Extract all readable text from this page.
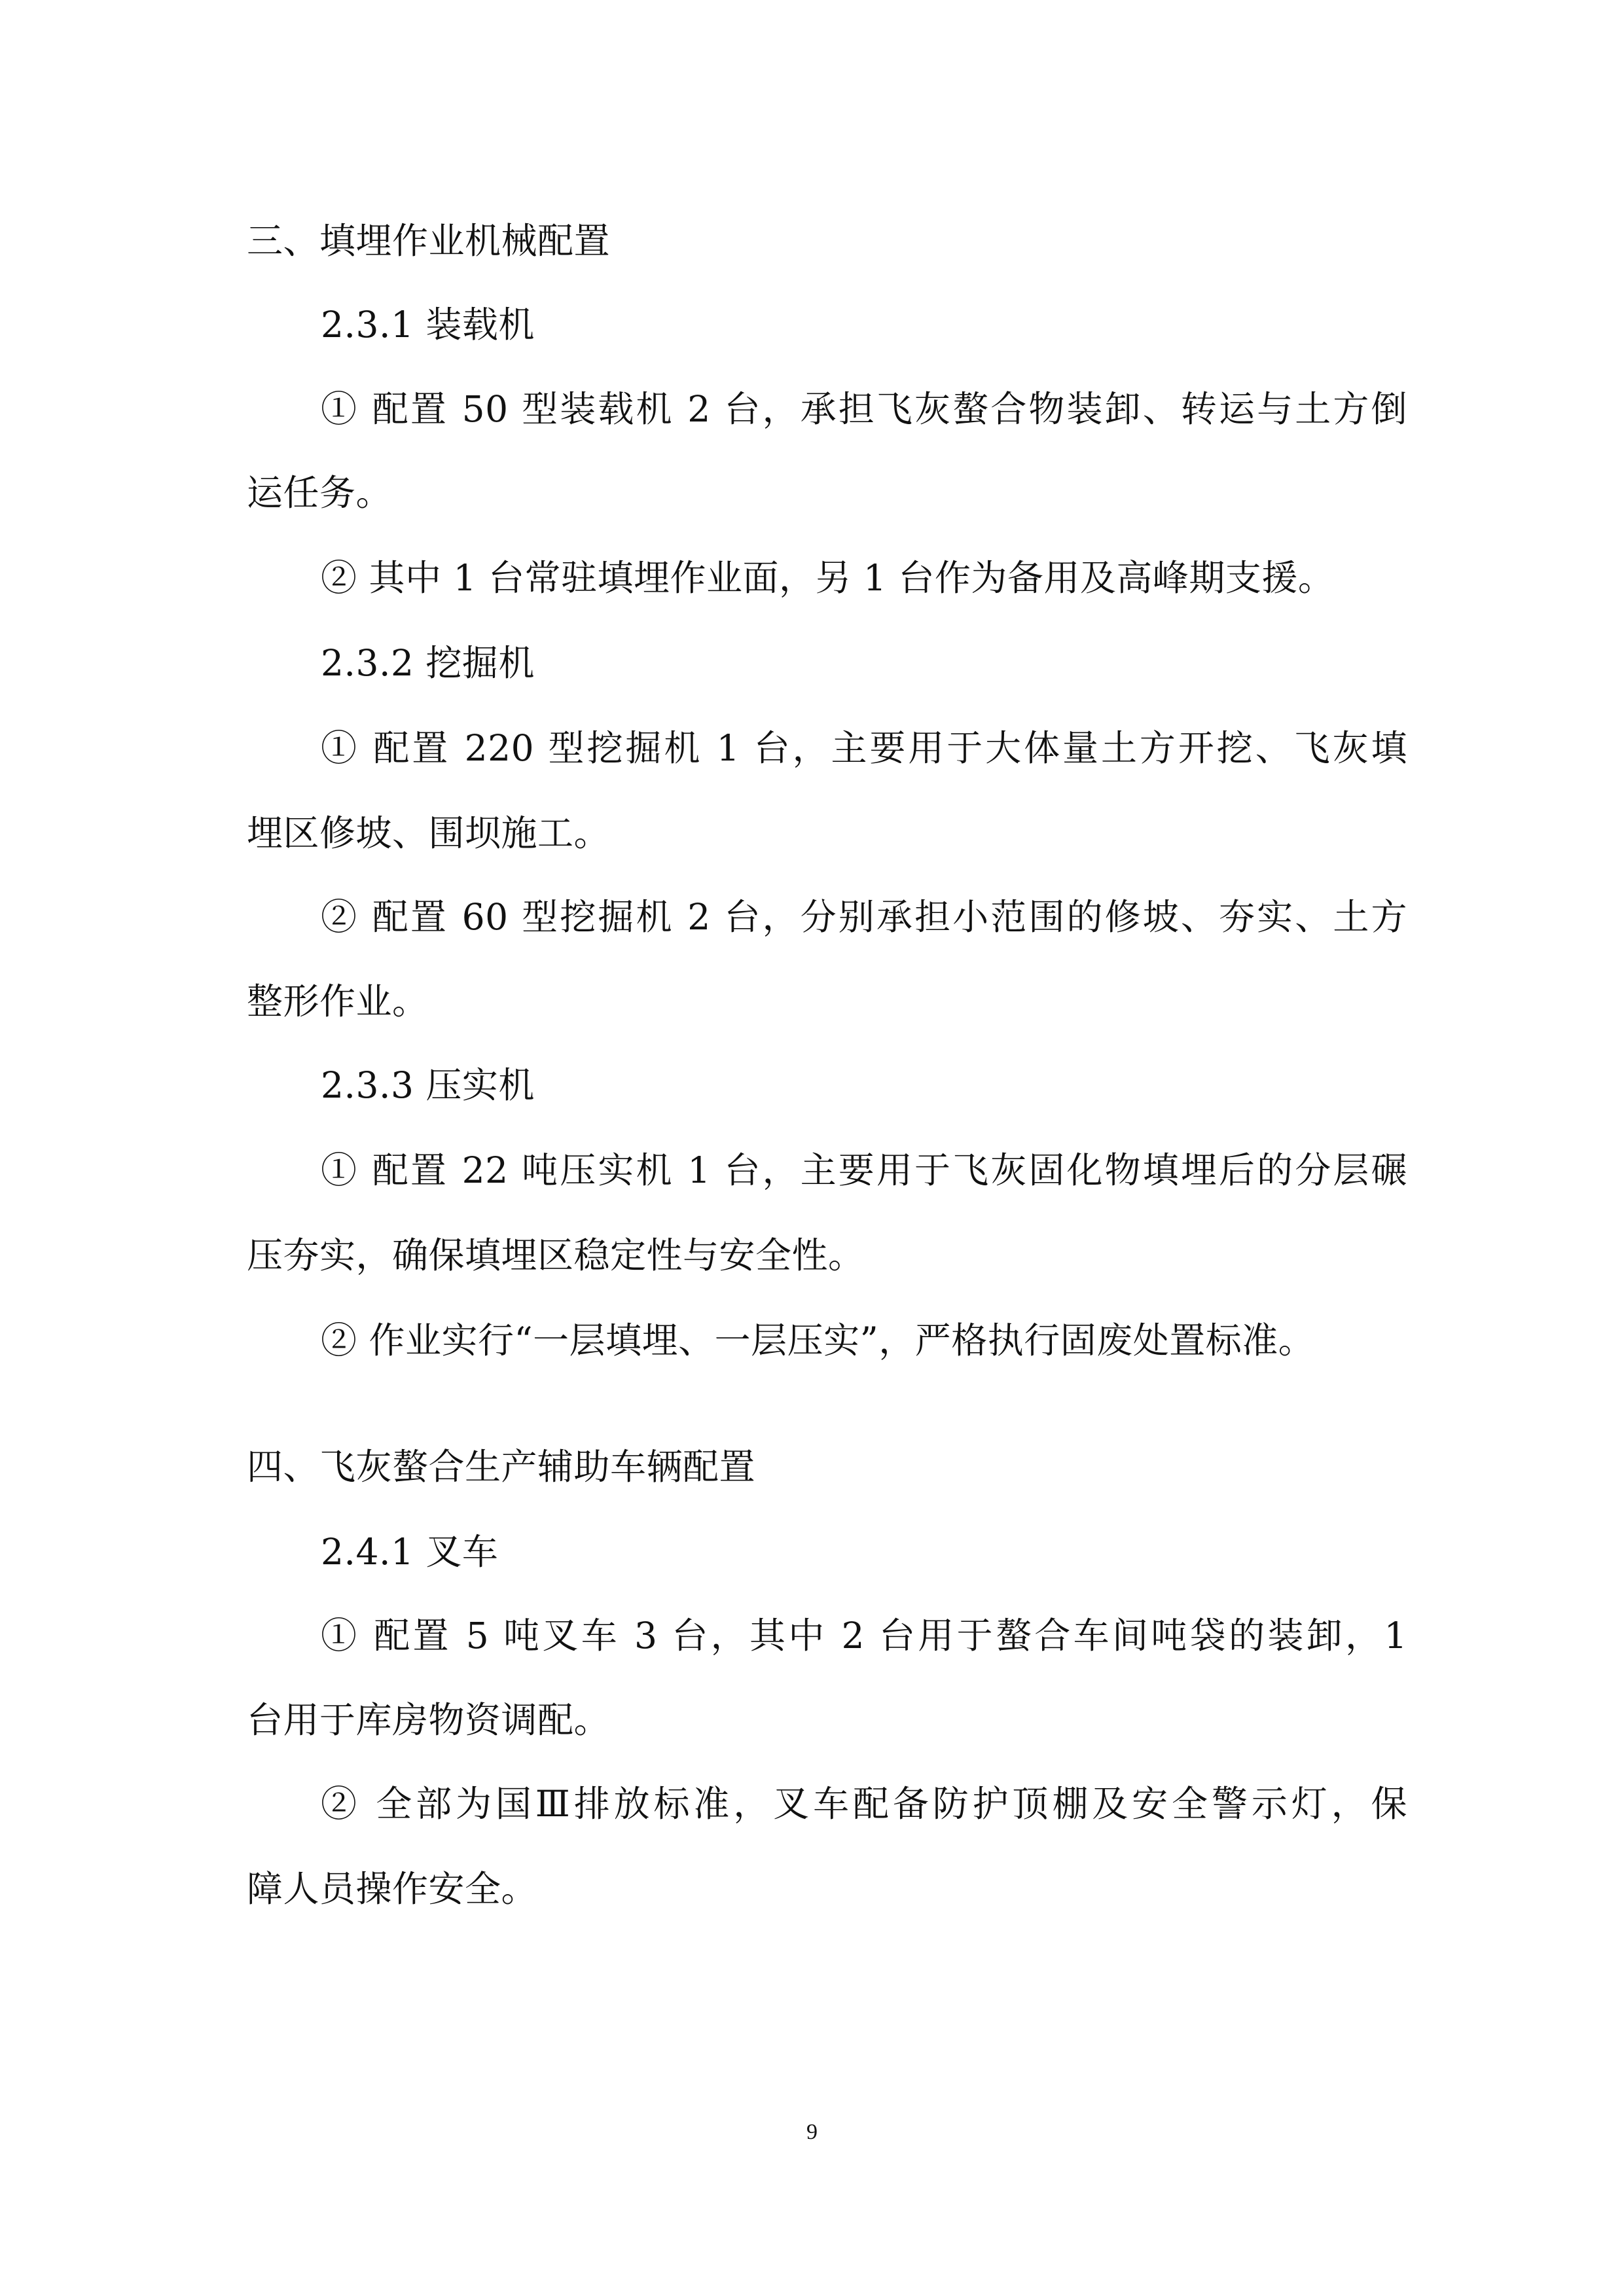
三、填埋作业机械配置
2.3.1 装载机
① 配置 50 型装载机 2 台，承担飞灰螯合物装卸、转运与土方倒
运任务。
② 其中 1 台常驻填埋作业面，另 1 台作为备用及高峰期支援。
2.3.2 挖掘机
① 配置 220 型挖掘机 1 台，主要用于大体量土方开挖、飞灰填
埋区修坡、围坝施工。
② 配置 60 型挖掘机 2 台，分别承担小范围的修坡、夯实、土方
整形作业。
2.3.3 压实机
① 配置 22 吨压实机 1 台，主要用于飞灰固化物填埋后的分层碾
压夯实，确保填埋区稳定性与安全性。
② 作业实行“一层填埋、一层压实”，严格执行固废处置标准。
四、飞灰螯合生产辅助车辆配置
2.4.1 叉车
① 配置 5 吨叉车 3 台，其中 2 台用于螯合车间吨袋的装卸，1
台用于库房物资调配。
② 全部为国Ⅲ排放标准，叉车配备防护顶棚及安全警示灯，保
障人员操作安全。
9
